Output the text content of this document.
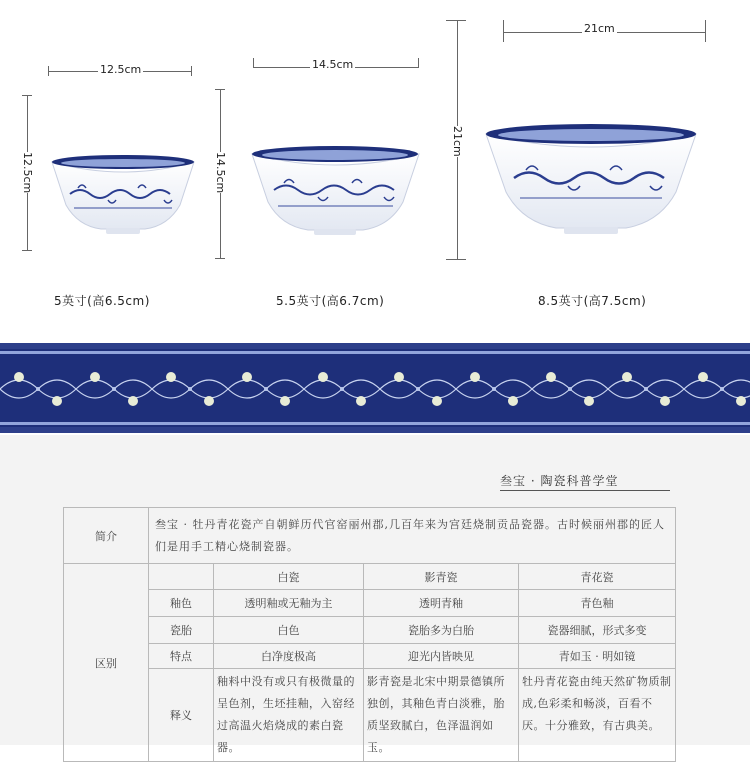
12.5cm
12.5cm
14.5cm
14.5cm
21cm
21cm
5英寸(高6.5cm)	5.5英寸(高6.7cm)	8.5英寸(高7.5cm)
叁宝 · 陶瓷科普学堂
简介	叁宝 · 牡丹青花瓷产自朝鲜历代官窑丽州郡,几百年来为宫廷烧制贡品瓷器。古时候丽州郡的匠人们是用手工精心烧制瓷器。			
区别		白瓷	影青瓷	青花瓷
	釉色	透明釉或无釉为主	透明青釉	青色釉
	瓷胎	白色	瓷胎多为白胎	瓷器细腻，形式多变
	特点	白净度极高	迎光内皆映见	青如玉 · 明如镜
	释义	釉料中没有或只有极微量的呈色剂，生坯挂釉，入窑经过高温火焰烧成的素白瓷器。	影青瓷是北宋中期景德镇所独创，其釉色青白淡雅，胎质坚致腻白，色泽温润如玉。	牡丹青花瓷由纯天然矿物质制成,色彩柔和畅淡，百看不厌。十分雅致，有古典美。
